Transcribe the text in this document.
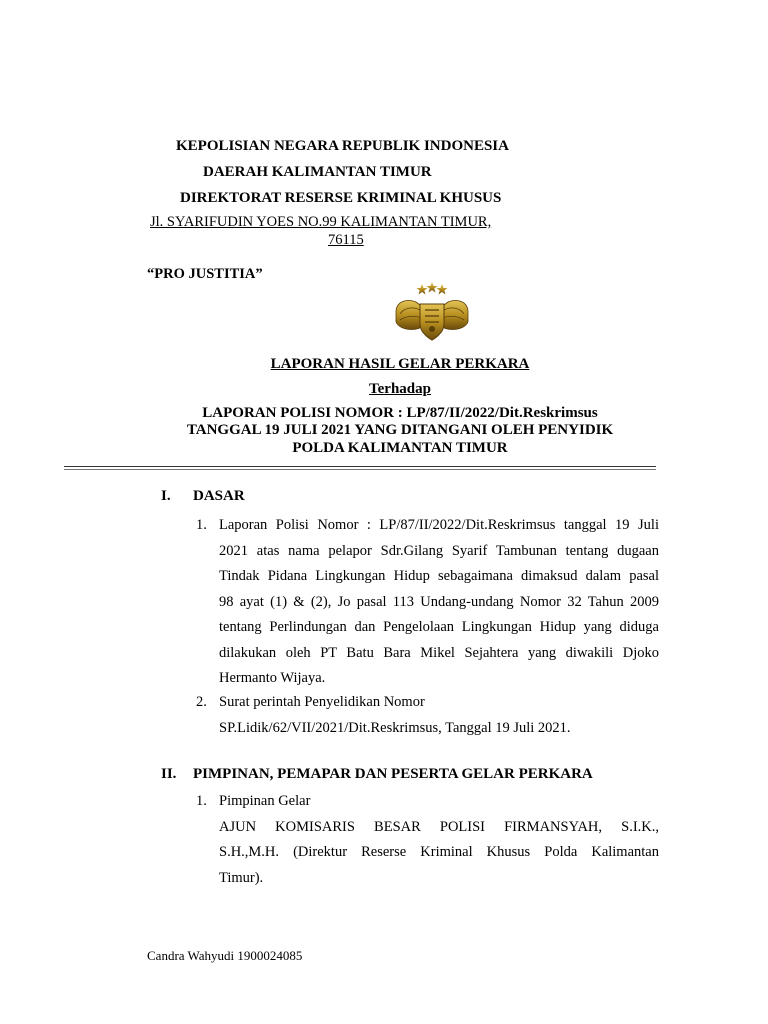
KEPOLISIAN NEGARA REPUBLIK INDONESIA
DAERAH KALIMANTAN TIMUR
DIREKTORAT RESERSE KRIMINAL KHUSUS
Jl. SYARIFUDIN YOES NO.99 KALIMANTAN TIMUR,
76115
“PRO JUSTITIA”
LAPORAN HASIL GELAR PERKARA
Terhadap
LAPORAN POLISI NOMOR : LP/87/II/2022/Dit.Reskrimsus
TANGGAL 19 JULI 2021 YANG DITANGANI OLEH PENYIDIK
POLDA KALIMANTAN TIMUR
I. DASAR
1. Laporan Polisi Nomor : LP/87/II/2022/Dit.Reskrimsus tanggal 19 Juli
2021 atas nama pelapor Sdr.Gilang Syarif Tambunan tentang dugaan
Tindak Pidana Lingkungan Hidup sebagaimana dimaksud dalam pasal
98 ayat (1) & (2), Jo pasal 113 Undang-undang Nomor 32 Tahun 2009
tentang Perlindungan dan Pengelolaan Lingkungan Hidup yang diduga
dilakukan oleh PT Batu Bara Mikel Sejahtera yang diwakili Djoko
Hermanto Wijaya.
2. Surat perintah Penyelidikan Nomor
SP.Lidik/62/VII/2021/Dit.Reskrimsus, Tanggal 19 Juli 2021.
II. PIMPINAN, PEMAPAR DAN PESERTA GELAR PERKARA
1. Pimpinan Gelar
AJUN KOMISARIS BESAR POLISI FIRMANSYAH, S.I.K.,
S.H.,M.H. (Direktur Reserse Kriminal Khusus Polda Kalimantan
Timur).
Candra Wahyudi 1900024085
